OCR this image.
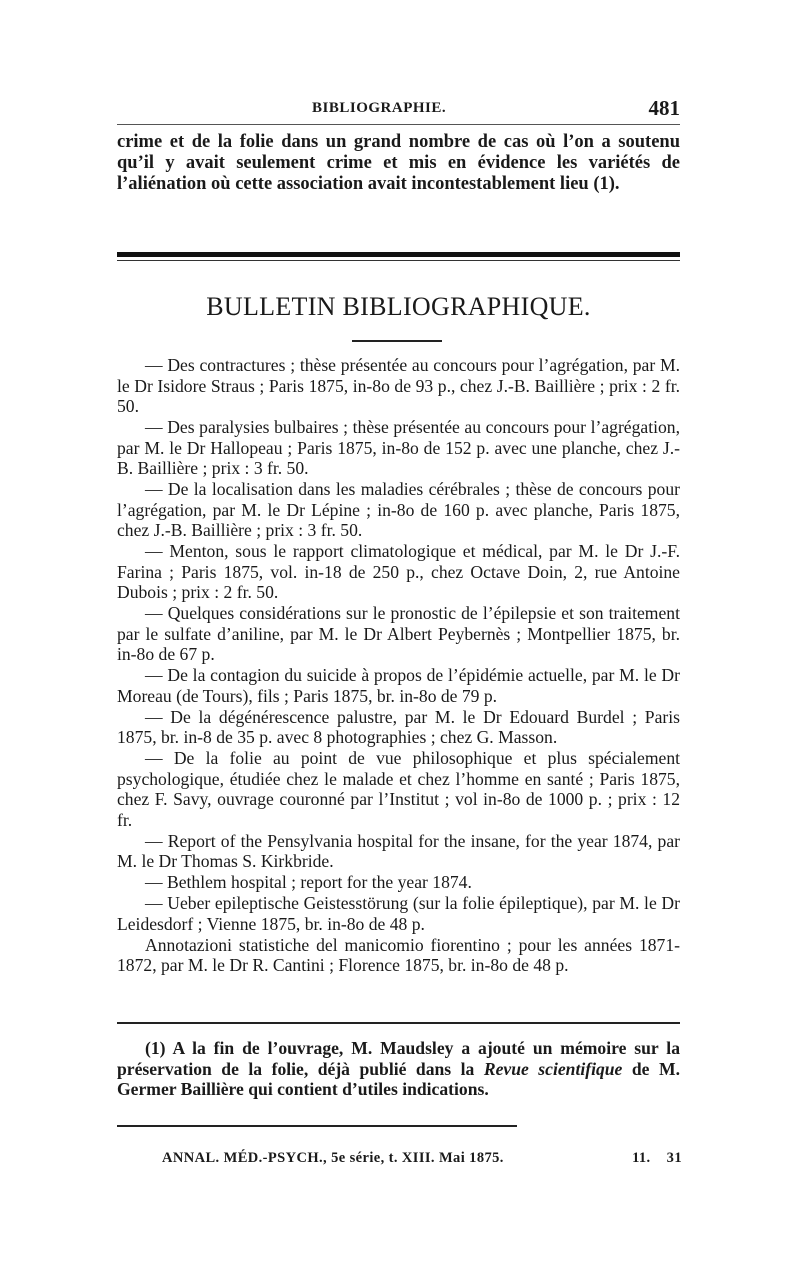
BIBLIOGRAPHIE.	481

crime et de la folie dans un grand nombre de cas où l’on a soutenu qu’il y avait seulement crime et mis en évidence les variétés de l’aliénation où cette association avait incontestablement lieu (1).

BULLETIN BIBLIOGRAPHIQUE.

— Des contractures ; thèse présentée au concours pour l’agrégation, par M. le Dr Isidore Straus ; Paris 1875, in-8o de 93 p., chez J.-B. Baillière ; prix : 2 fr. 50.

— Des paralysies bulbaires ; thèse présentée au concours pour l’agrégation, par M. le Dr Hallopeau ; Paris 1875, in-8o de 152 p. avec une planche, chez J.-B. Baillière ; prix : 3 fr. 50.

— De la localisation dans les maladies cérébrales ; thèse de concours pour l’agrégation, par M. le Dr Lépine ; in-8o de 160 p. avec planche, Paris 1875, chez J.-B. Baillière ; prix : 3 fr. 50.

— Menton, sous le rapport climatologique et médical, par M. le Dr J.-F. Farina ; Paris 1875, vol. in-18 de 250 p., chez Octave Doin, 2, rue Antoine Dubois ; prix : 2 fr. 50.

— Quelques considérations sur le pronostic de l’épilepsie et son traitement par le sulfate d’aniline, par M. le Dr Albert Peybernès ; Montpellier 1875, br. in-8o de 67 p.

— De la contagion du suicide à propos de l’épidémie actuelle, par M. le Dr Moreau (de Tours), fils ; Paris 1875, br. in-8o de 79 p.

— De la dégénérescence palustre, par M. le Dr Edouard Burdel ; Paris 1875, br. in-8 de 35 p. avec 8 photographies ; chez G. Masson.

— De la folie au point de vue philosophique et plus spécialement psychologique, étudiée chez le malade et chez l’homme en santé ; Paris 1875, chez F. Savy, ouvrage couronné par l’Institut ; vol in-8o de 1000 p. ; prix : 12 fr.

— Report of the Pensylvania hospital for the insane, for the year 1874, par M. le Dr Thomas S. Kirkbride.

— Bethlem hospital ; report for the year 1874.

— Ueber epileptische Geistesstörung (sur la folie épileptique), par M. le Dr Leidesdorf ; Vienne 1875, br. in-8o de 48 p.

Annotazioni statistiche del manicomio fiorentino ; pour les années 1871-1872, par M. le Dr R. Cantini ; Florence 1875, br. in-8o de 48 p.

(1) A la fin de l’ouvrage, M. Maudsley a ajouté un mémoire sur la préservation de la folie, déjà publié dans la Revue scientifique de M. Germer Baillière qui contient d’utiles indications.

ANNAL. MÉD.-PSYCH., 5e série, t. XIII. Mai 1875.	11.    31
